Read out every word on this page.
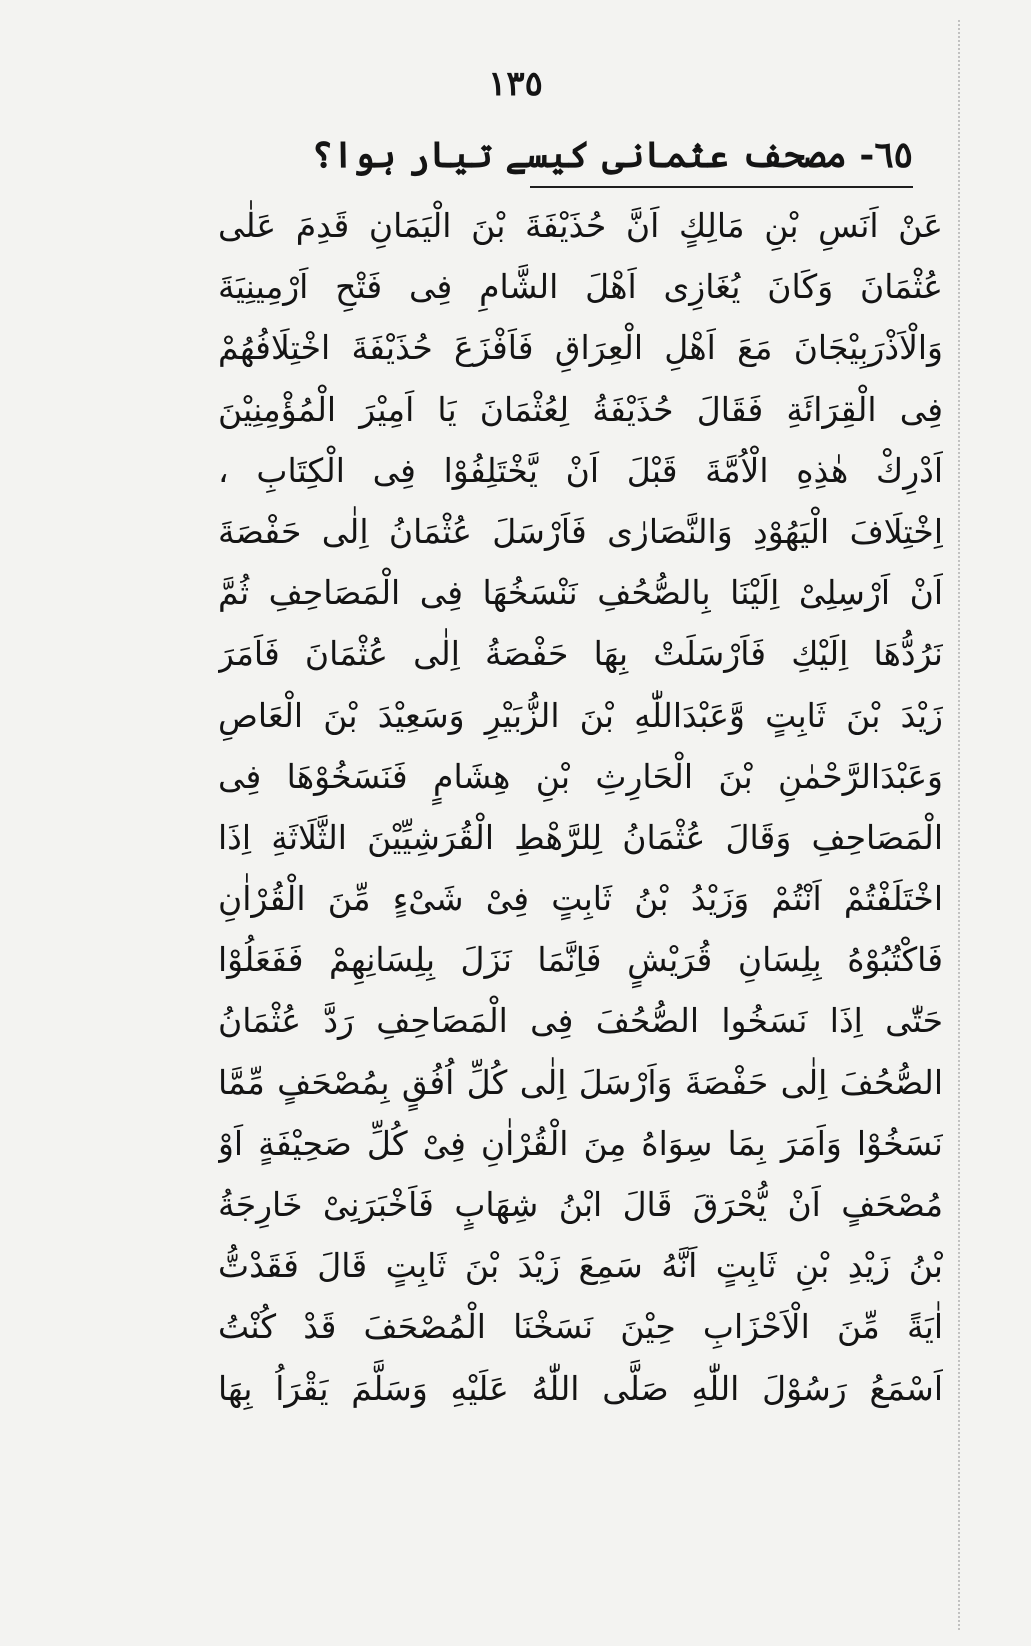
١٣٥
٦٥- مصحف عثمانی کیسے تیار ہوا؟
عَنْ اَنَسِ بْنِ مَالِكٍ اَنَّ حُذَيْفَةَ بْنَ الْيَمَانِ قَدِمَ عَلٰى
عُثْمَانَ وَكَانَ يُغَازِى اَهْلَ الشَّامِ فِى فَتْحِ اَرْمِينِيَةَ
وَالْاَذْرَبِيْجَانَ مَعَ اَهْلِ الْعِرَاقِ فَاَفْزَعَ حُذَيْفَةَ اخْتِلَافُهُمْ
فِى الْقِرَائَةِ فَقَالَ حُذَيْفَةُ لِعُثْمَانَ يَا اَمِيْرَ الْمُؤْمِنِيْنَ
اَدْرِكْ هٰذِهِ الْاُمَّةَ قَبْلَ اَنْ يَّخْتَلِفُوْا فِى الْكِتَابِ ،
اِخْتِلَافَ الْيَهُوْدِ وَالنَّصَارٰى فَاَرْسَلَ عُثْمَانُ اِلٰى حَفْصَةَ
اَنْ اَرْسِلِىْ اِلَيْنَا بِالصُّحُفِ نَنْسَخُهَا فِى الْمَصَاحِفِ ثُمَّ
نَرُدُّهَا اِلَيْكِ فَاَرْسَلَتْ بِهَا حَفْصَةُ اِلٰى عُثْمَانَ فَاَمَرَ
زَيْدَ بْنَ ثَابِتٍ وَّعَبْدَاللّٰهِ بْنَ الزُّبَيْرِ وَسَعِيْدَ بْنَ الْعَاصِ
وَعَبْدَالرَّحْمٰنِ بْنَ الْحَارِثِ بْنِ هِشَامٍ فَنَسَخُوْهَا فِى
الْمَصَاحِفِ وَقَالَ عُثْمَانُ لِلرَّهْطِ الْقُرَشِيِّيْنَ الثَّلَاثَةِ اِذَا
اخْتَلَفْتُمْ اَنْتُمْ وَزَيْدُ بْنُ ثَابِتٍ فِىْ شَىْءٍ مِّنَ الْقُرْاٰنِ
فَاكْتُبُوْهُ بِلِسَانِ قُرَيْشٍ فَاِنَّمَا نَزَلَ بِلِسَانِهِمْ فَفَعَلُوْا
حَتّٰى اِذَا نَسَخُوا الصُّحُفَ فِى الْمَصَاحِفِ رَدَّ عُثْمَانُ
الصُّحُفَ اِلٰى حَفْصَةَ وَاَرْسَلَ اِلٰى كُلِّ اُفُقٍ بِمُصْحَفٍ مِّمَّا
نَسَخُوْا وَاَمَرَ بِمَا سِوَاهُ مِنَ الْقُرْاٰنِ فِىْ كُلِّ صَحِيْفَةٍ اَوْ
مُصْحَفٍ اَنْ يُّحْرَقَ قَالَ ابْنُ شِهَابٍ فَاَخْبَرَنِىْ خَارِجَةُ
بْنُ زَيْدِ بْنِ ثَابِتٍ اَنَّهُ سَمِعَ زَيْدَ بْنَ ثَابِتٍ قَالَ فَقَدْتُّ
اٰيَةً مِّنَ الْاَحْزَابِ حِيْنَ نَسَخْنَا الْمُصْحَفَ قَدْ كُنْتُ
اَسْمَعُ رَسُوْلَ اللّٰهِ صَلَّى اللّٰهُ عَلَيْهِ وَسَلَّمَ يَقْرَاُ بِهَا
